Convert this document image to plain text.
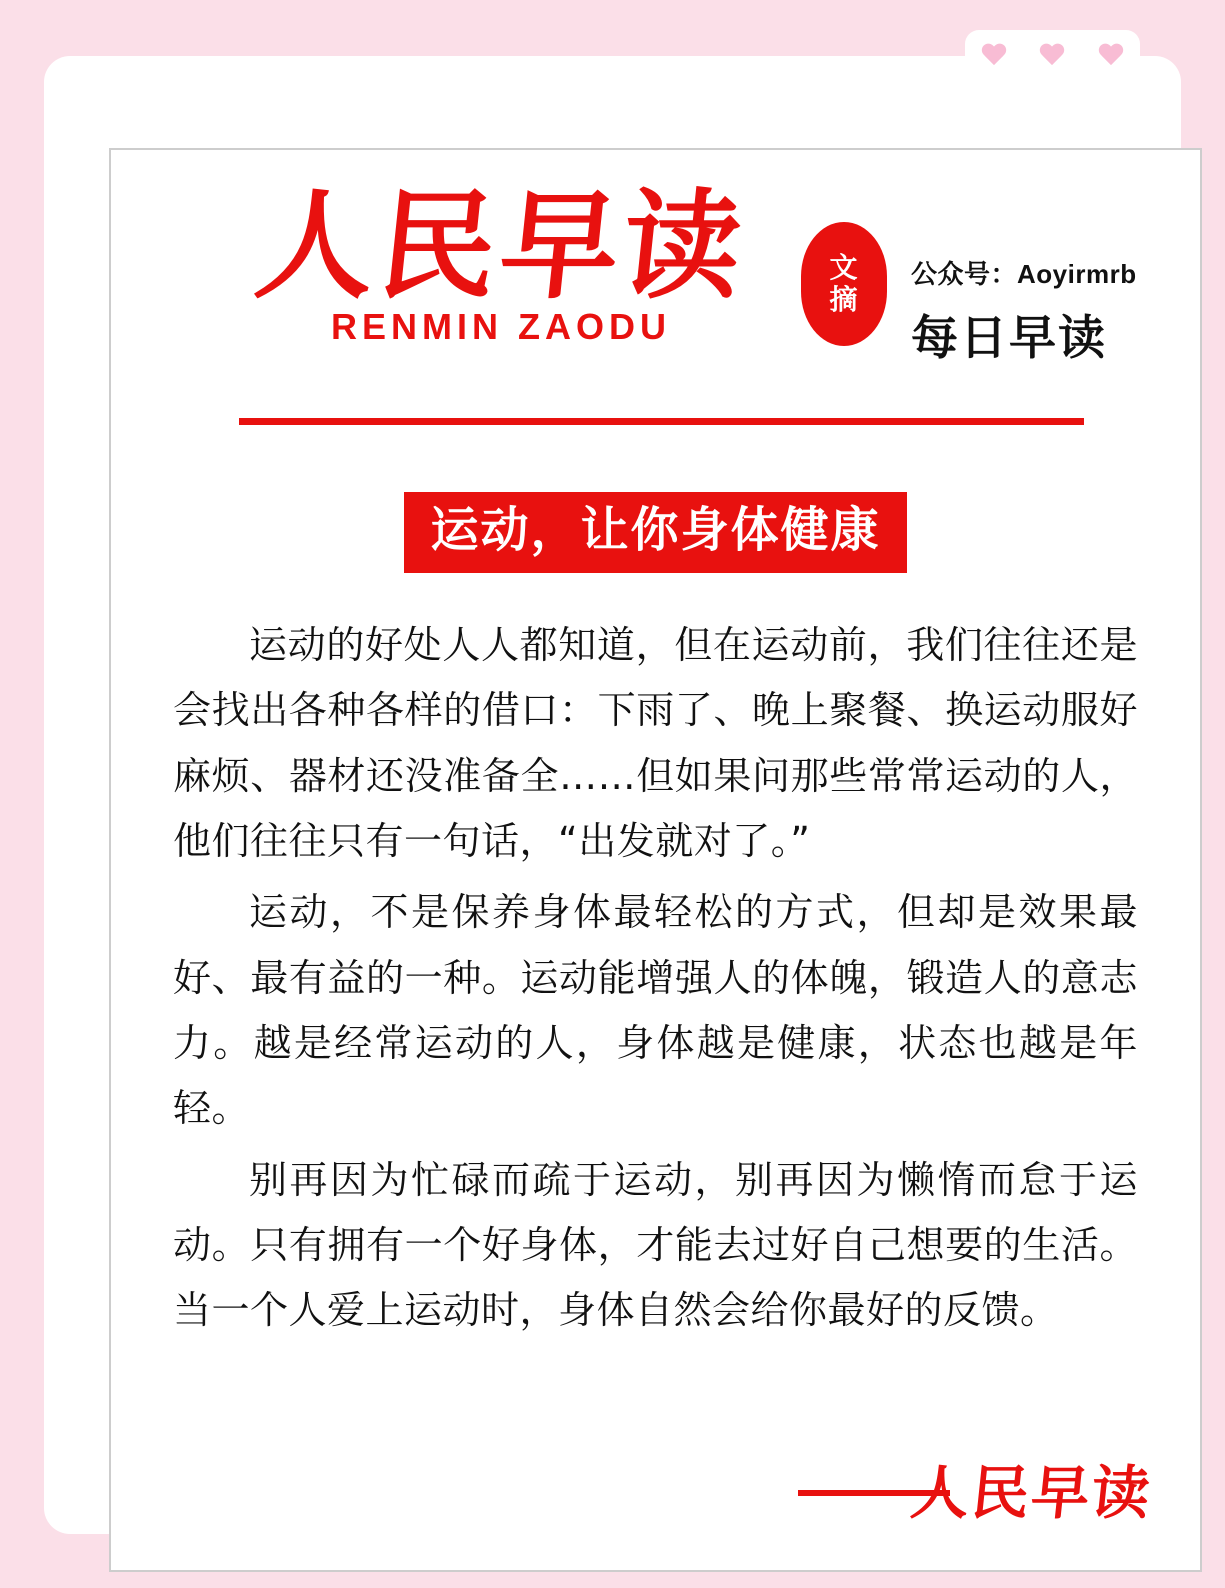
人民早读
RENMIN ZAODU
文
摘
公众号：Aoyirmrb
每日早读
运动，让你身体健康

运动的好处人人都知道，但在运动前，我们往往还是会找出各种各样的借口：下雨了、晚上聚餐、换运动服好麻烦、器材还没准备全……但如果问那些常常运动的人，他们往往只有一句话，“出发就对了。”

运动，不是保养身体最轻松的方式，但却是效果最好、最有益的一种。运动能增强人的体魄，锻造人的意志力。越是经常运动的人，身体越是健康，状态也越是年轻。

别再因为忙碌而疏于运动，别再因为懒惰而怠于运动。只有拥有一个好身体，才能去过好自己想要的生活。当一个人爱上运动时，身体自然会给你最好的反馈。

人民早读
